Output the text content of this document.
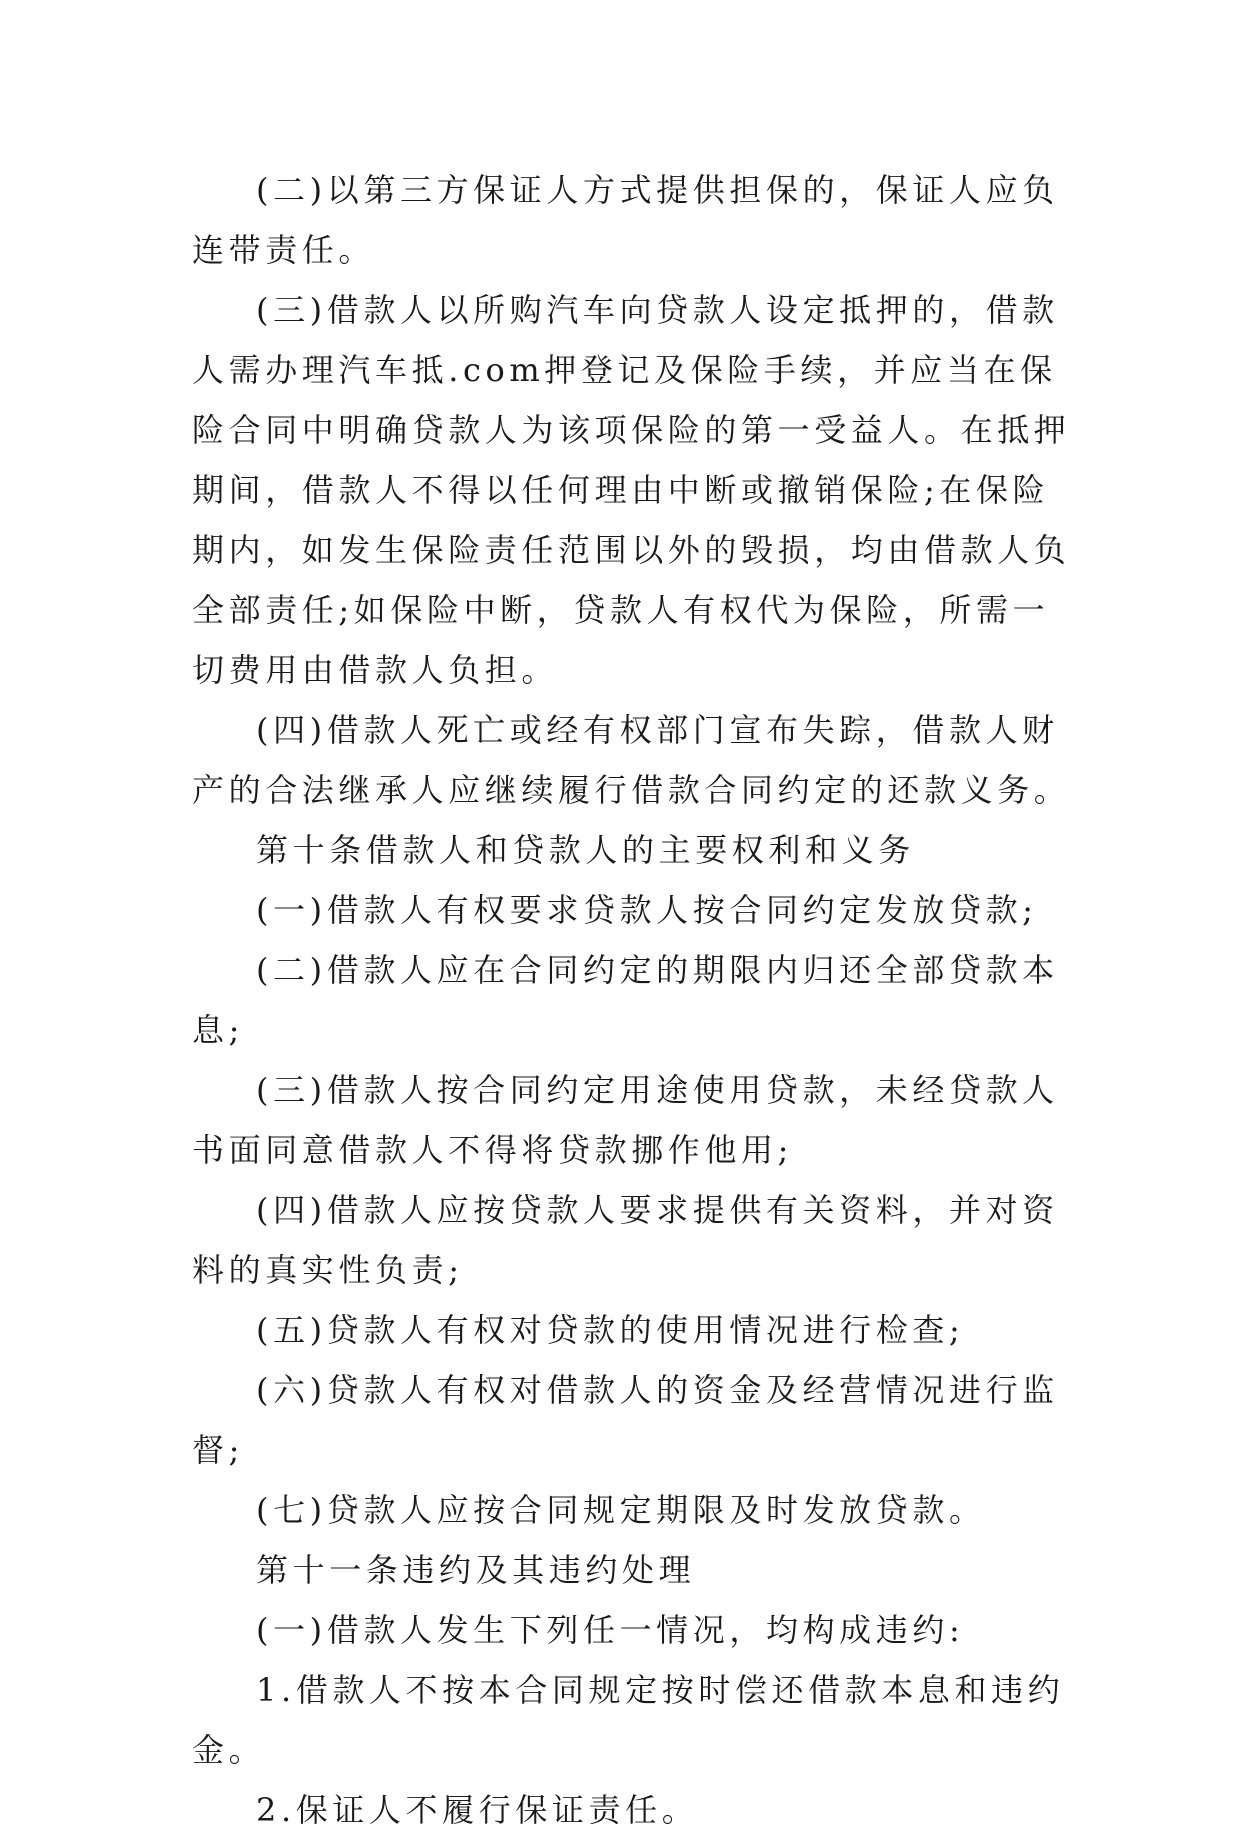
(二)以第三方保证人方式提供担保的，保证人应负连带责任。

(三)借款人以所购汽车向贷款人设定抵押的，借款人需办理汽车抵.com押登记及保险手续，并应当在保险合同中明确贷款人为该项保险的第一受益人。在抵押期间，借款人不得以任何理由中断或撤销保险;在保险期内，如发生保险责任范围以外的毁损，均由借款人负全部责任;如保险中断，贷款人有权代为保险，所需一切费用由借款人负担。

(四)借款人死亡或经有权部门宣布失踪，借款人财产的合法继承人应继续履行借款合同约定的还款义务。

第十条借款人和贷款人的主要权利和义务

(一)借款人有权要求贷款人按合同约定发放贷款;

(二)借款人应在合同约定的期限内归还全部贷款本息;

(三)借款人按合同约定用途使用贷款，未经贷款人书面同意借款人不得将贷款挪作他用;

(四)借款人应按贷款人要求提供有关资料，并对资料的真实性负责;

(五)贷款人有权对贷款的使用情况进行检查;

(六)贷款人有权对借款人的资金及经营情况进行监督;

(七)贷款人应按合同规定期限及时发放贷款。

第十一条违约及其违约处理

(一)借款人发生下列任一情况，均构成违约:

1.借款人不按本合同规定按时偿还借款本息和违约金。

2.保证人不履行保证责任。
